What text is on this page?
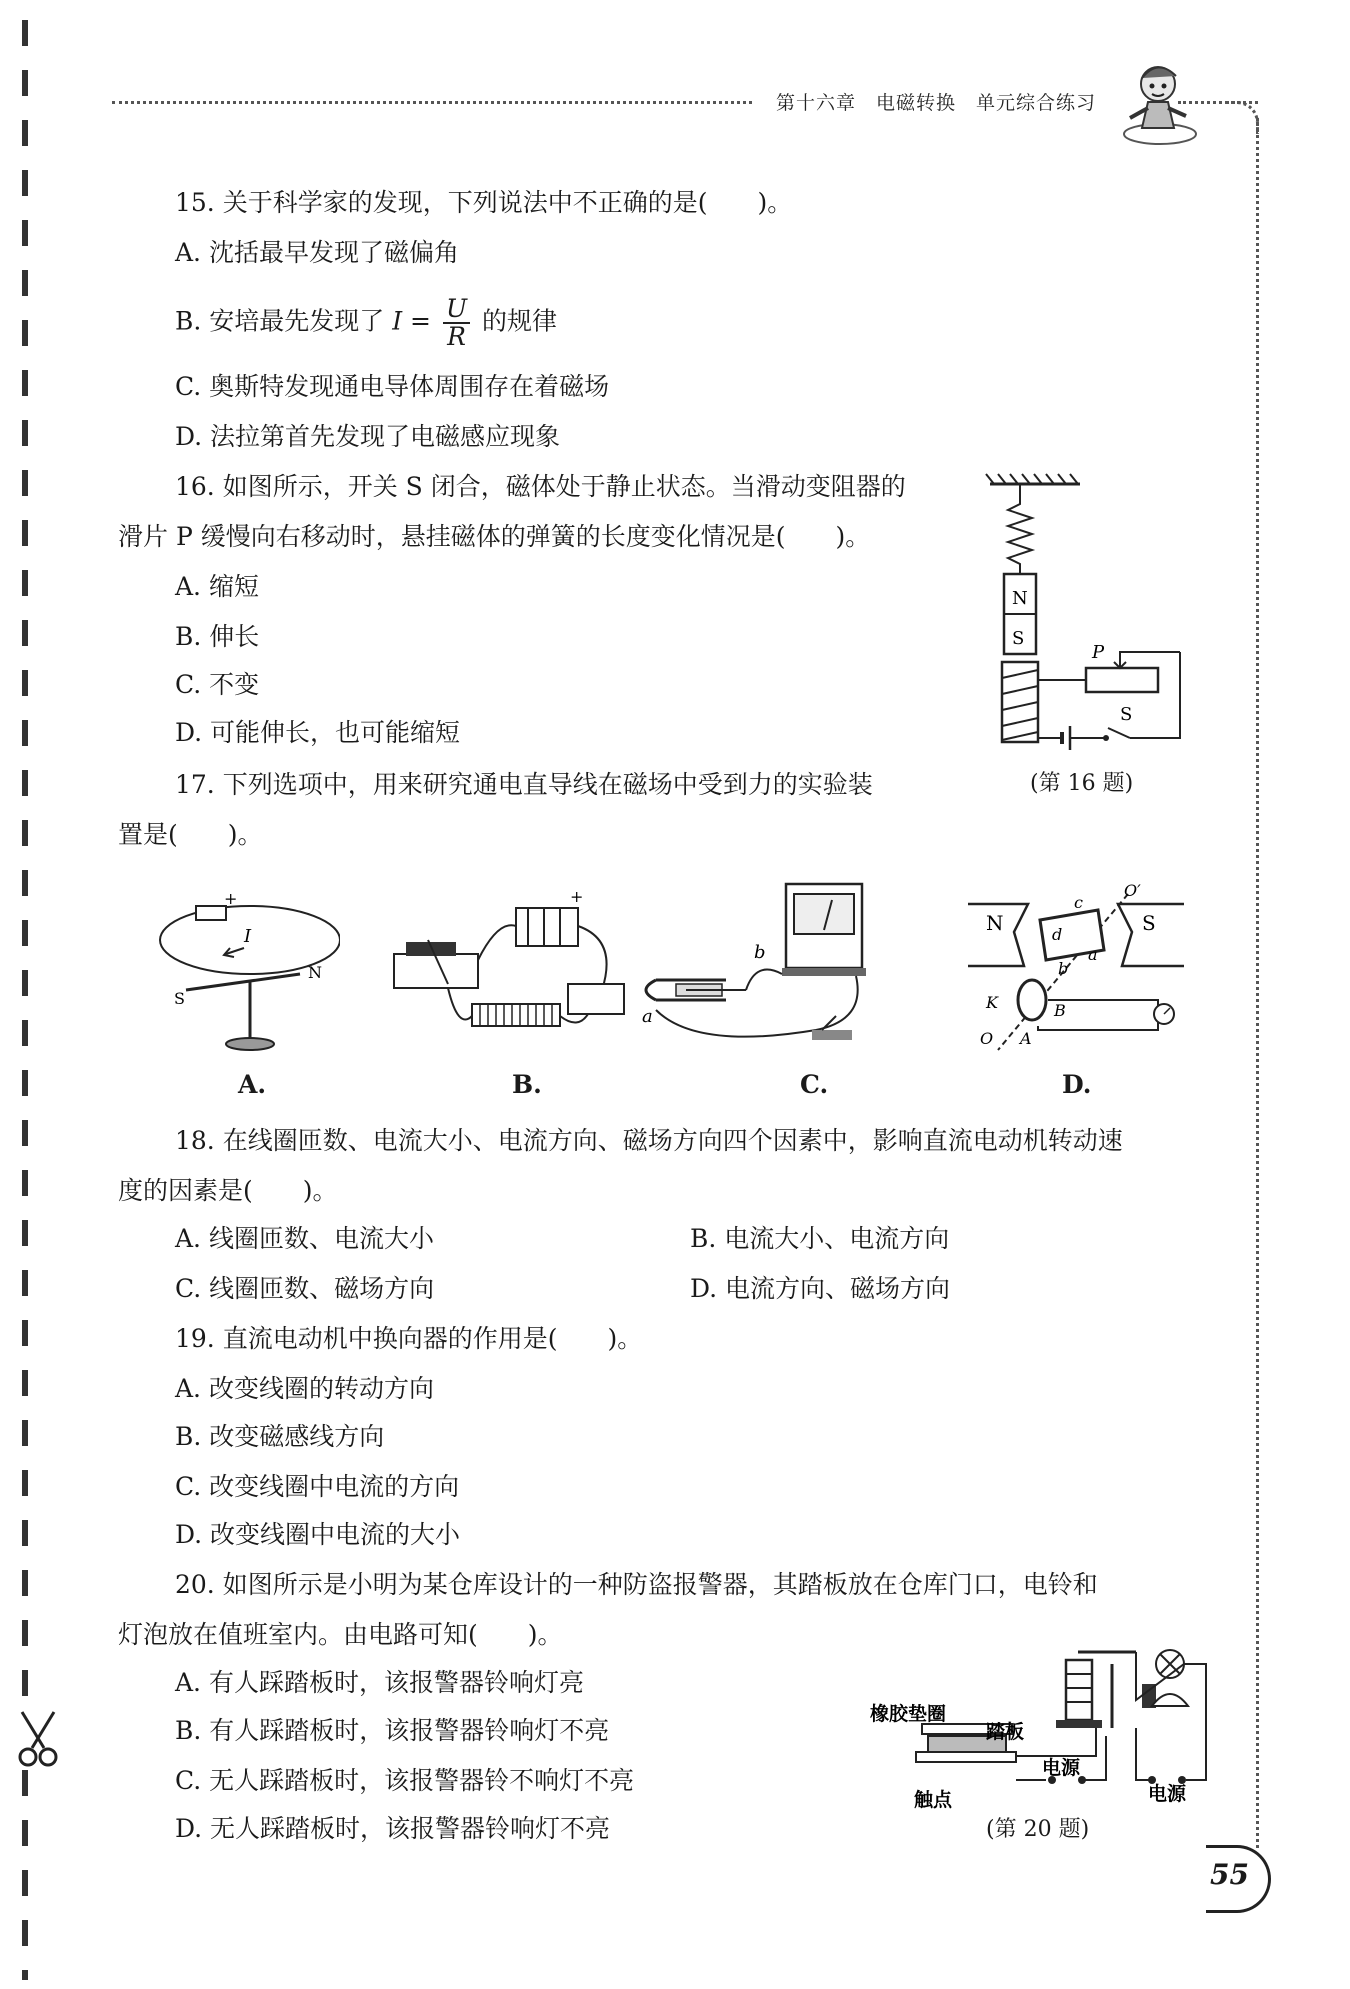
第十六章　电磁转换　单元综合练习
15. 关于科学家的发现，下列说法中不正确的是(　　)。
A. 沈括最早发现了磁偏角
B. 安培最先发现了 $I = \frac{U}{R}$ 的规律
C. 奥斯特发现通电导体周围存在着磁场
D. 法拉第首先发现了电磁感应现象
16. 如图所示，开关 S 闭合，磁体处于静止状态。当滑动变阻器的
滑片 P 缓慢向右移动时，悬挂磁体的弹簧的长度变化情况是(　　)。
A. 缩短
B. 伸长
C. 不变
D. 可能伸长，也可能缩短
N
S
P
S
(第 16 题)
17. 下列选项中，用来研究通电直导线在磁场中受到力的实验装
置是(　　)。
+
I
N
S
+
a
b
N	S
O′
O
c
d
a
b
K	B
A
A.	B.	C.	D.
18. 在线圈匝数、电流大小、电流方向、磁场方向四个因素中，影响直流电动机转动速
度的因素是(　　)。
A. 线圈匝数、电流大小	B. 电流大小、电流方向
C. 线圈匝数、磁场方向	D. 电流方向、磁场方向
19. 直流电动机中换向器的作用是(　　)。
A. 改变线圈的转动方向
B. 改变磁感线方向
C. 改变线圈中电流的方向
D. 改变线圈中电流的大小
20. 如图所示是小明为某仓库设计的一种防盗报警器，其踏板放在仓库门口，电铃和
灯泡放在值班室内。由电路可知(　　)。
A. 有人踩踏板时，该报警器铃响灯亮
B. 有人踩踏板时，该报警器铃响灯不亮
C. 无人踩踏板时，该报警器铃不响灯不亮
D. 无人踩踏板时，该报警器铃响灯不亮
橡胶垫圈
踏板
触点
电源
电源
(第 20 题)
55
